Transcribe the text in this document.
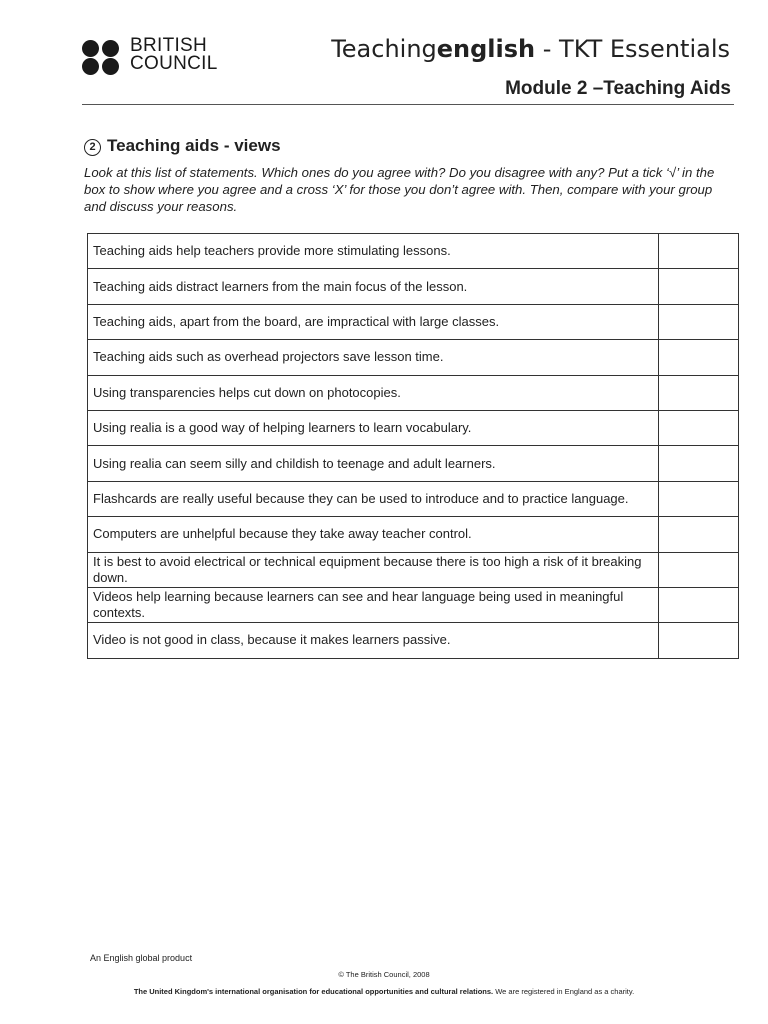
BRITISH
COUNCIL
Teachingenglish - TKT Essentials
Module 2 –Teaching Aids
2 Teaching aids - views
Look at this list of statements. Which ones do you agree with? Do you disagree with any? Put a tick ‘√’ in the box to show where you agree and a cross ‘X’ for those you don’t agree with. Then, compare with your group and discuss your reasons.
Teaching aids help teachers provide more stimulating lessons.	
Teaching aids distract learners from the main focus of the lesson.	
Teaching aids, apart from the board, are impractical with large classes.	
Teaching aids such as overhead projectors save lesson time.	
Using transparencies helps cut down on photocopies.	
Using realia is a good way of helping learners to learn vocabulary.	
Using realia can seem silly and childish to teenage and adult learners.	
Flashcards are really useful because they can be used to introduce and to practice language.	
Computers are unhelpful because they take away teacher control.	
It is best to avoid electrical or technical equipment because there is too high a risk of it breaking down.	
Videos help learning because learners can see and hear language being used in meaningful contexts.	
Video is not good in class, because it makes learners passive.	
An English global product
© The British Council, 2008
The United Kingdom's international organisation for educational opportunities and cultural relations. We are registered in England as a charity.
